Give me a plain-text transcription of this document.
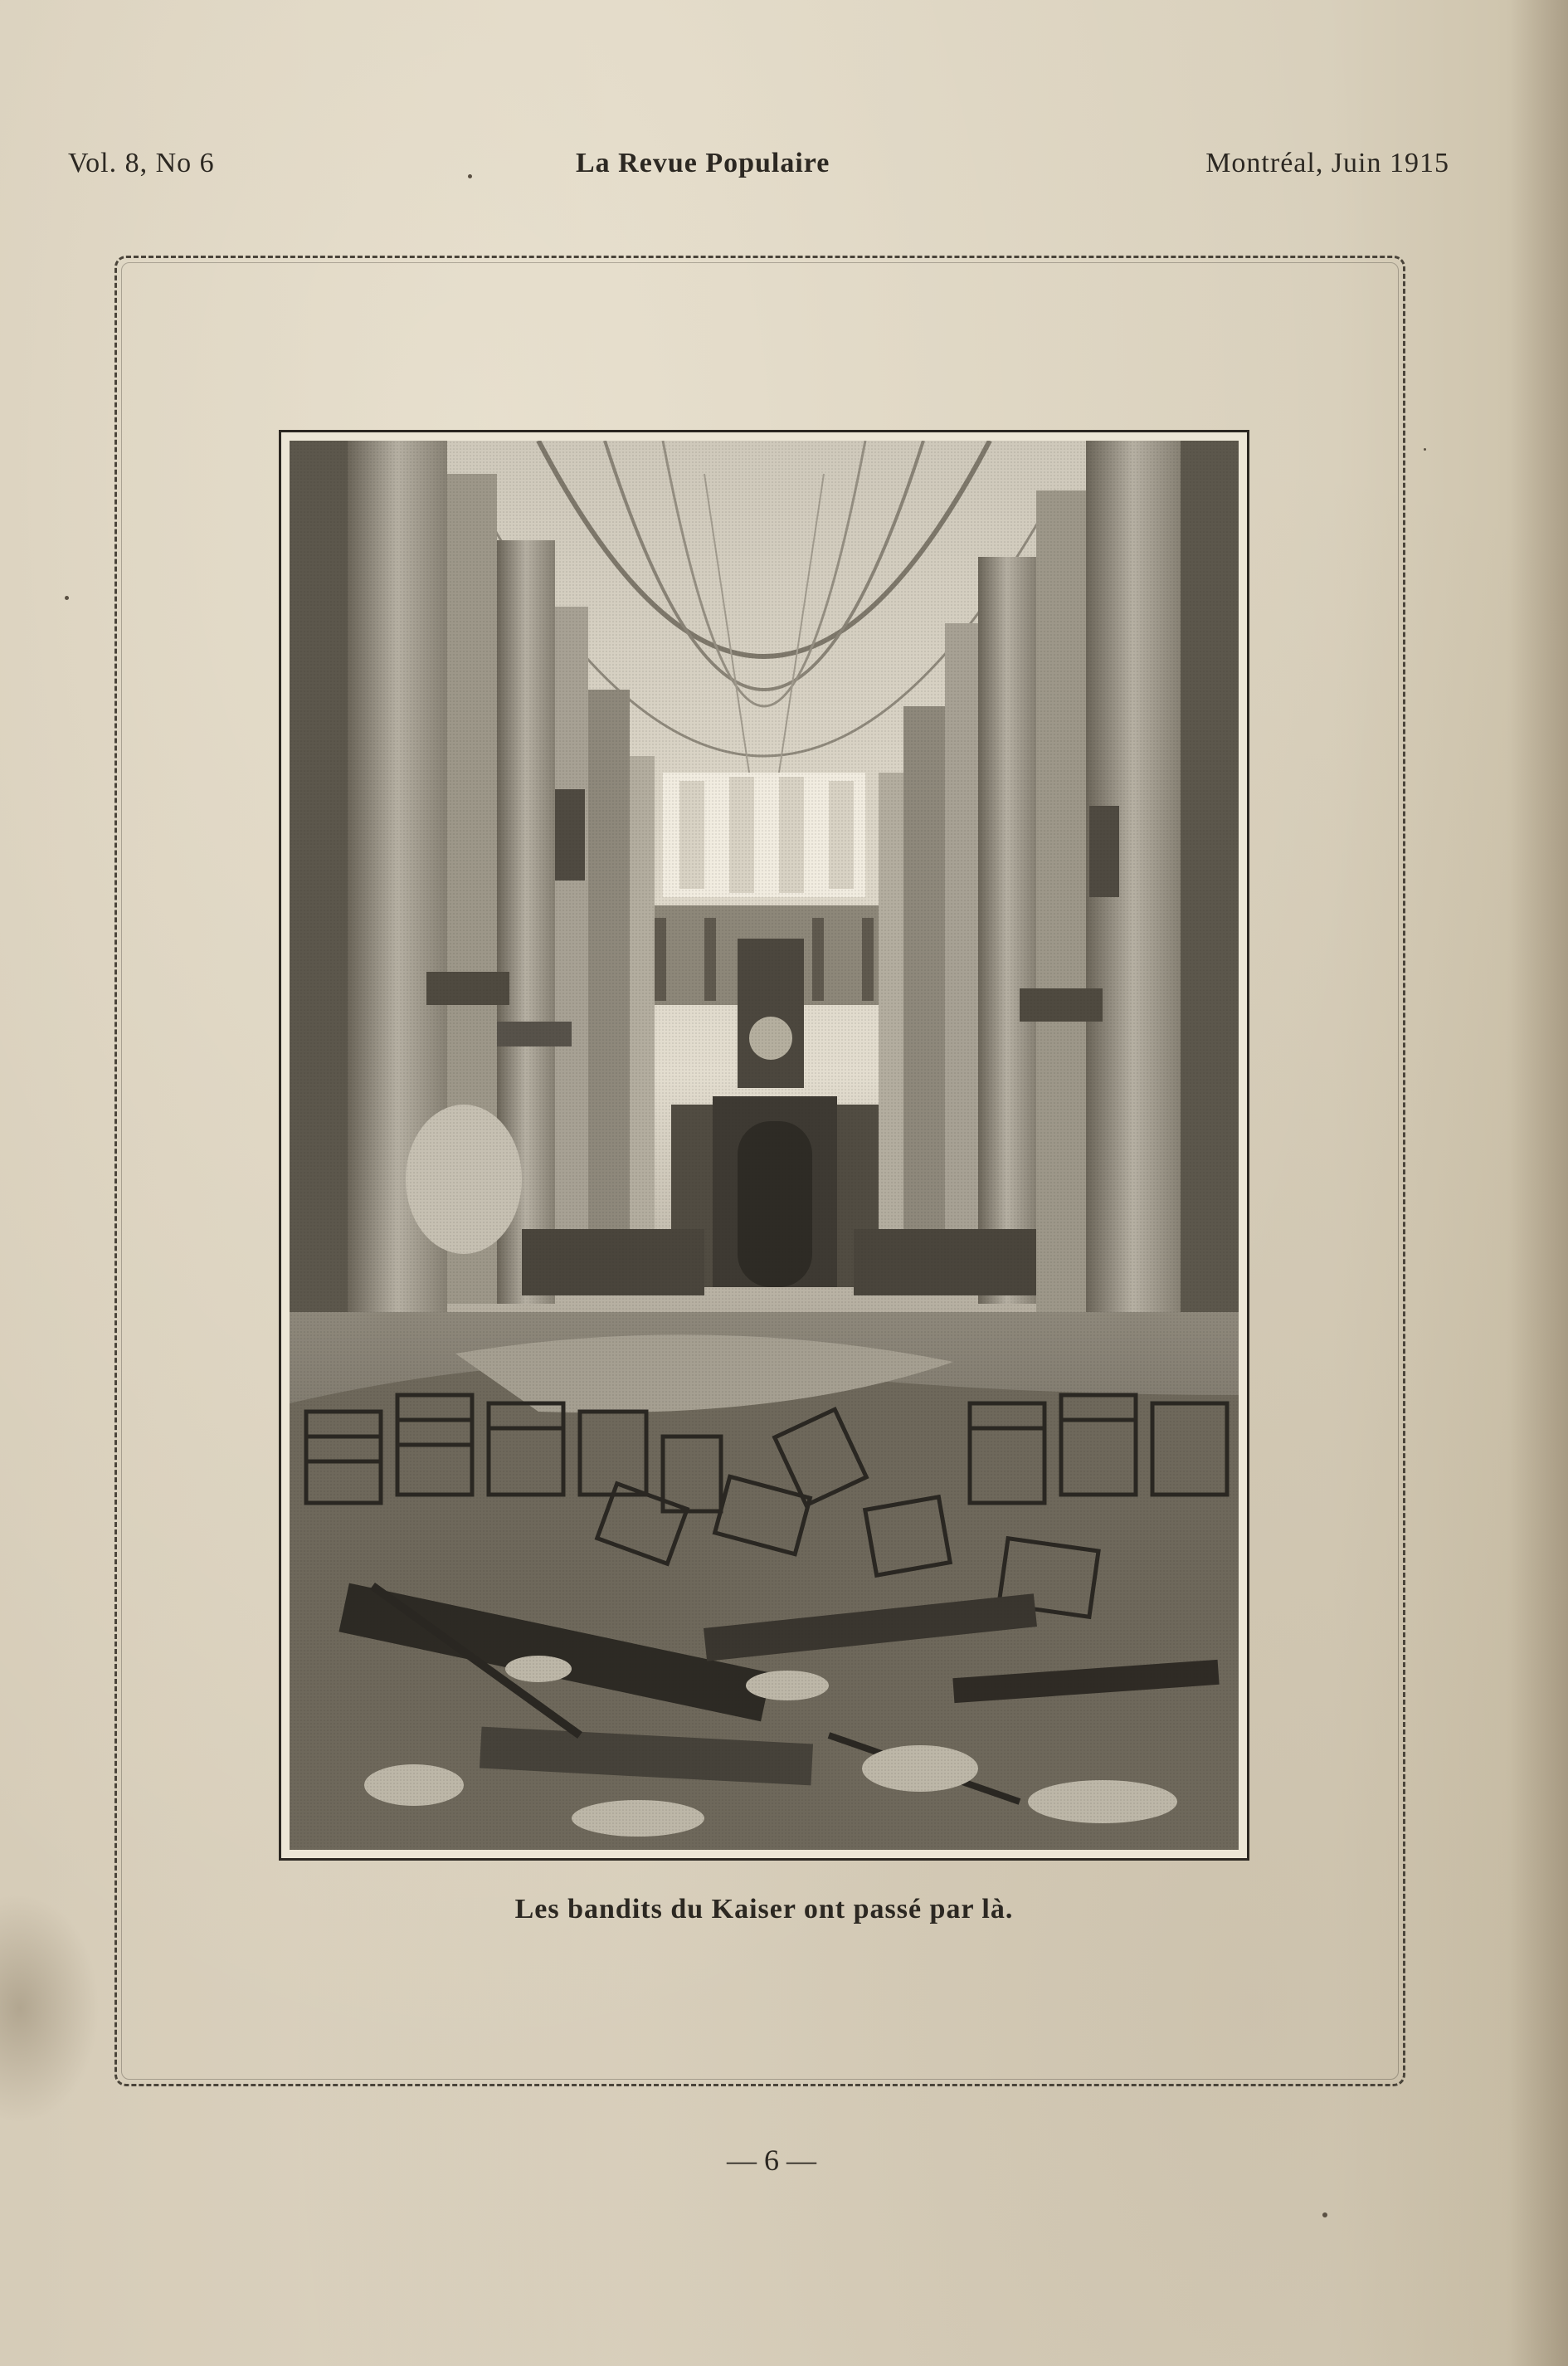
Vol. 8, No 6	La Revue Populaire	Montréal, Juin 1915
Les bandits du Kaiser ont passé par là.
— 6 —
